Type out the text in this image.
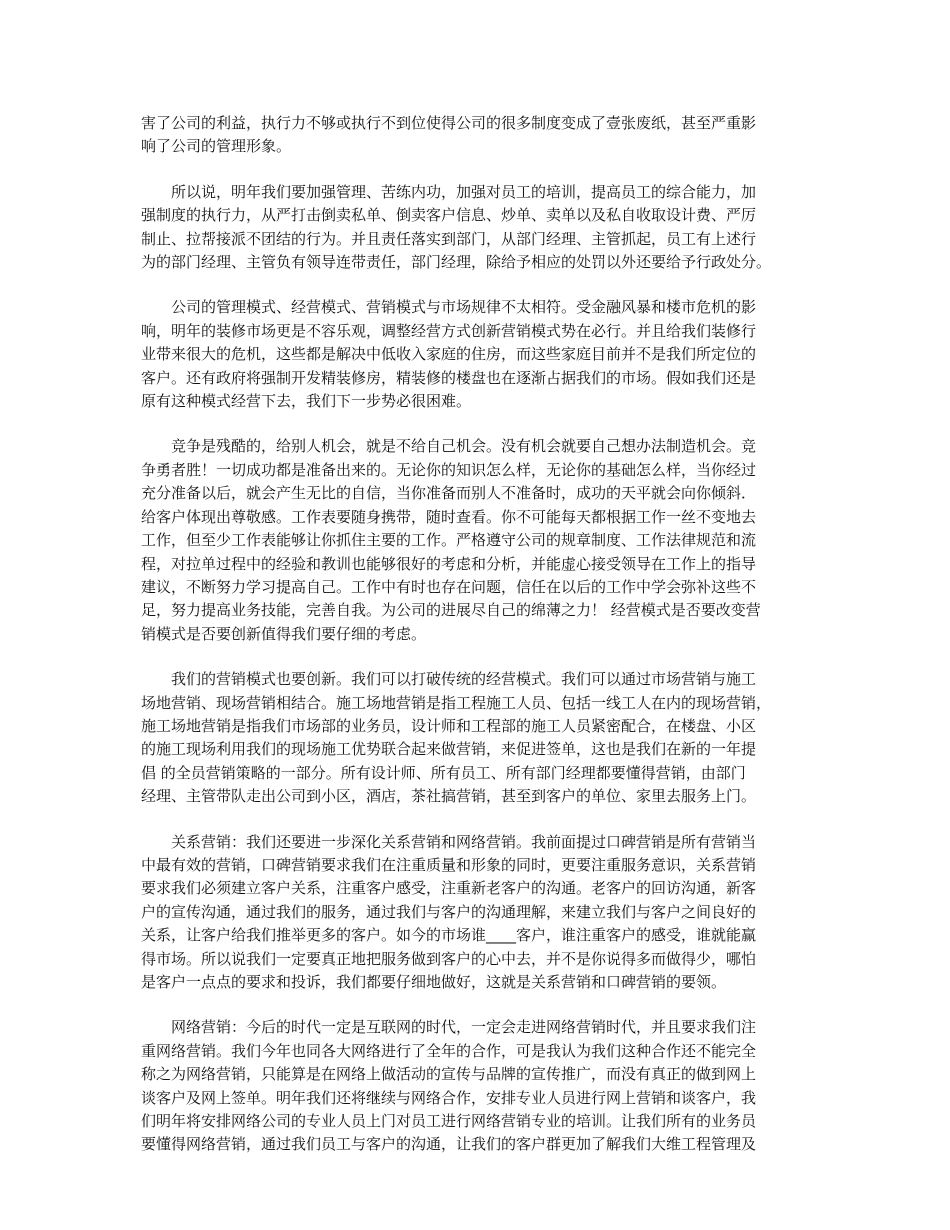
害了公司的利益，执行力不够或执行不到位使得公司的很多制度变成了壹张废纸，甚至严重影
响了公司的管理形象。
　　所以说，明年我们要加强管理、苦练内功，加强对员工的培训，提高员工的综合能力，加
强制度的执行力，从严打击倒卖私单、倒卖客户信息、炒单、卖单以及私自收取设计费、严厉
制止、拉帮接派不团结的行为。并且责任落实到部门，从部门经理、主管抓起，员工有上述行
为的部门经理、主管负有领导连带责任，部门经理，除给予相应的处罚以外还要给予行政处分。
　　公司的管理模式、经营模式、营销模式与市场规律不太相符。受金融风暴和楼市危机的影
响，明年的装修市场更是不容乐观，调整经营方式创新营销模式势在必行。并且给我们装修行
业带来很大的危机，这些都是解决中低收入家庭的住房，而这些家庭目前并不是我们所定位的
客户。还有政府将强制开发精装修房，精装修的楼盘也在逐渐占据我们的市场。假如我们还是
原有这种模式经营下去，我们下一步势必很困难。
　　竞争是残酷的，给别人机会，就是不给自己机会。没有机会就要自己想办法制造机会。竞
争勇者胜！一切成功都是准备出来的。无论你的知识怎么样，无论你的基础怎么样，当你经过
充分准备以后，就会产生无比的自信，当你准备而别人不准备时，成功的天平就会向你倾斜．
给客户体现出尊敬感。工作表要随身携带，随时查看。你不可能每天都根据工作一丝不变地去
工作，但至少工作表能够让你抓住主要的工作。严格遵守公司的规章制度、工作法律规范和流
程，对拉单过程中的经验和教训也能够很好的考虑和分析，并能虚心接受领导在工作上的指导
建议，不断努力学习提高自己。工作中有时也存在问题，信任在以后的工作中学会弥补这些不
足，努力提高业务技能，完善自我。为公司的进展尽自己的绵薄之力！ 经营模式是否要改变营
销模式是否要创新值得我们要仔细的考虑。
　　我们的营销模式也要创新。我们可以打破传统的经营模式。我们可以通过市场营销与施工
场地营销、现场营销相结合。施工场地营销是指工程施工人员、包括一线工人在内的现场营销，
施工场地营销是指我们市场部的业务员，设计师和工程部的施工人员紧密配合，在楼盘、小区
的施工现场利用我们的现场施工优势联合起来做营销，来促进签单，这也是我们在新的一年提
倡 的全员营销策略的一部分。所有设计师、所有员工、所有部门经理都要懂得营销，由部门
经理、主管带队走出公司到小区，酒店，茶社搞营销，甚至到客户的单位、家里去服务上门。
　　关系营销：我们还要进一步深化关系营销和网络营销。我前面提过口碑营销是所有营销当
中最有效的营销，口碑营销要求我们在注重质量和形象的同时，更要注重服务意识，关系营销
要求我们必须建立客户关系，注重客户感受，注重新老客户的沟通。老客户的回访沟通，新客
户的宣传沟通，通过我们的服务，通过我们与客户的沟通理解，来建立我们与客户之间良好的
关系，让客户给我们推举更多的客户。如今的市场谁____客户，谁注重客户的感受，谁就能赢
得市场。所以说我们一定要真正地把服务做到客户的心中去，并不是你说得多而做得少，哪怕
是客户一点点的要求和投诉，我们都要仔细地做好，这就是关系营销和口碑营销的要领。
　　网络营销：今后的时代一定是互联网的时代，一定会走进网络营销时代，并且要求我们注
重网络营销。我们今年也同各大网络进行了全年的合作，可是我认为我们这种合作还不能完全
称之为网络营销，只能算是在网络上做活动的宣传与品牌的宣传推广，而没有真正的做到网上
谈客户及网上签单。明年我们还将继续与网络合作，安排专业人员进行网上营销和谈客户，我
们明年将安排网络公司的专业人员上门对员工进行网络营销专业的培训。让我们所有的业务员
要懂得网络营销，通过我们员工与客户的沟通，让我们的客户群更加了解我们大维工程管理及
